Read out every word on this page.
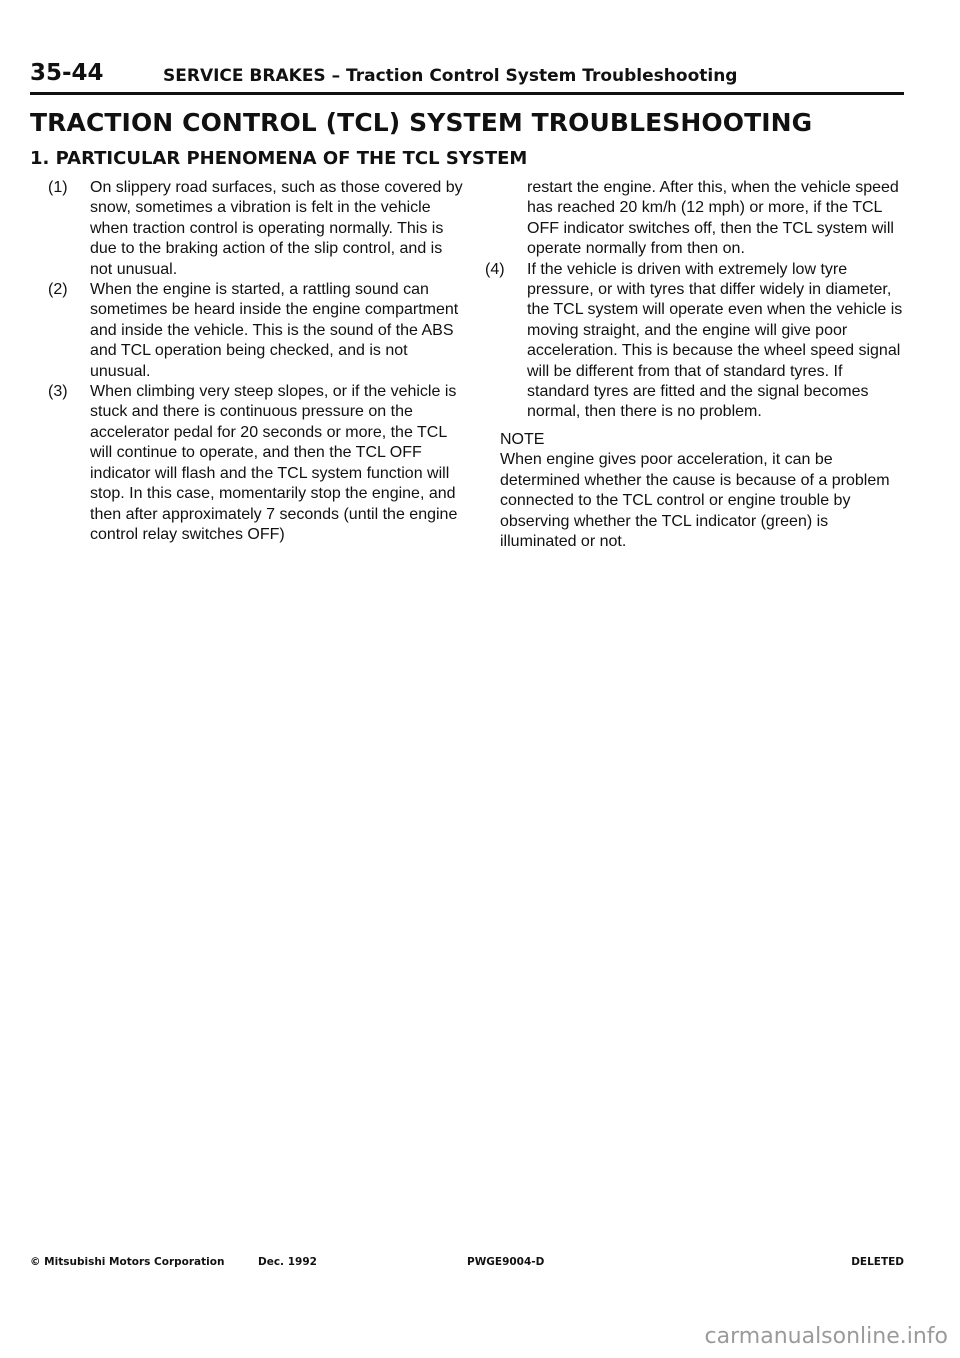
35-44	SERVICE BRAKES – Traction Control System Troubleshooting
TRACTION CONTROL (TCL) SYSTEM TROUBLESHOOTING
1. PARTICULAR PHENOMENA OF THE TCL SYSTEM

(1) On slippery road surfaces, such as those covered by snow, sometimes a vibration is felt in the vehicle when traction control is operating normally. This is due to the braking action of the slip control, and is not unusual.

(2) When the engine is started, a rattling sound can sometimes be heard inside the engine compartment and inside the vehicle. This is the sound of the ABS and TCL operation being checked, and is not unusual.

(3) When climbing very steep slopes, or if the vehicle is stuck and there is continuous pressure on the accelerator pedal for 20 seconds or more, the TCL will continue to operate, and then the TCL OFF indicator will flash and the TCL system function will stop. In this case, momentarily stop the engine, and then after approximately 7 seconds (until the engine control relay switches OFF)

restart the engine. After this, when the vehicle speed has reached 20 km/h (12 mph) or more, if the TCL OFF indicator switches off, then the TCL system will operate normally from then on.

(4) If the vehicle is driven with extremely low tyre pressure, or with tyres that differ widely in diameter, the TCL system will operate even when the vehicle is moving straight, and the engine will give poor acceleration. This is because the wheel speed signal will be different from that of standard tyres. If standard tyres are fitted and the signal becomes normal, then there is no problem.

NOTE

When engine gives poor acceleration, it can be determined whether the cause is because of a problem connected to the TCL control or engine trouble by observing whether the TCL indicator (green) is illuminated or not.

© Mitsubishi Motors Corporation	Dec. 1992	PWGE9004-D	DELETED
carmanualsonline.info
